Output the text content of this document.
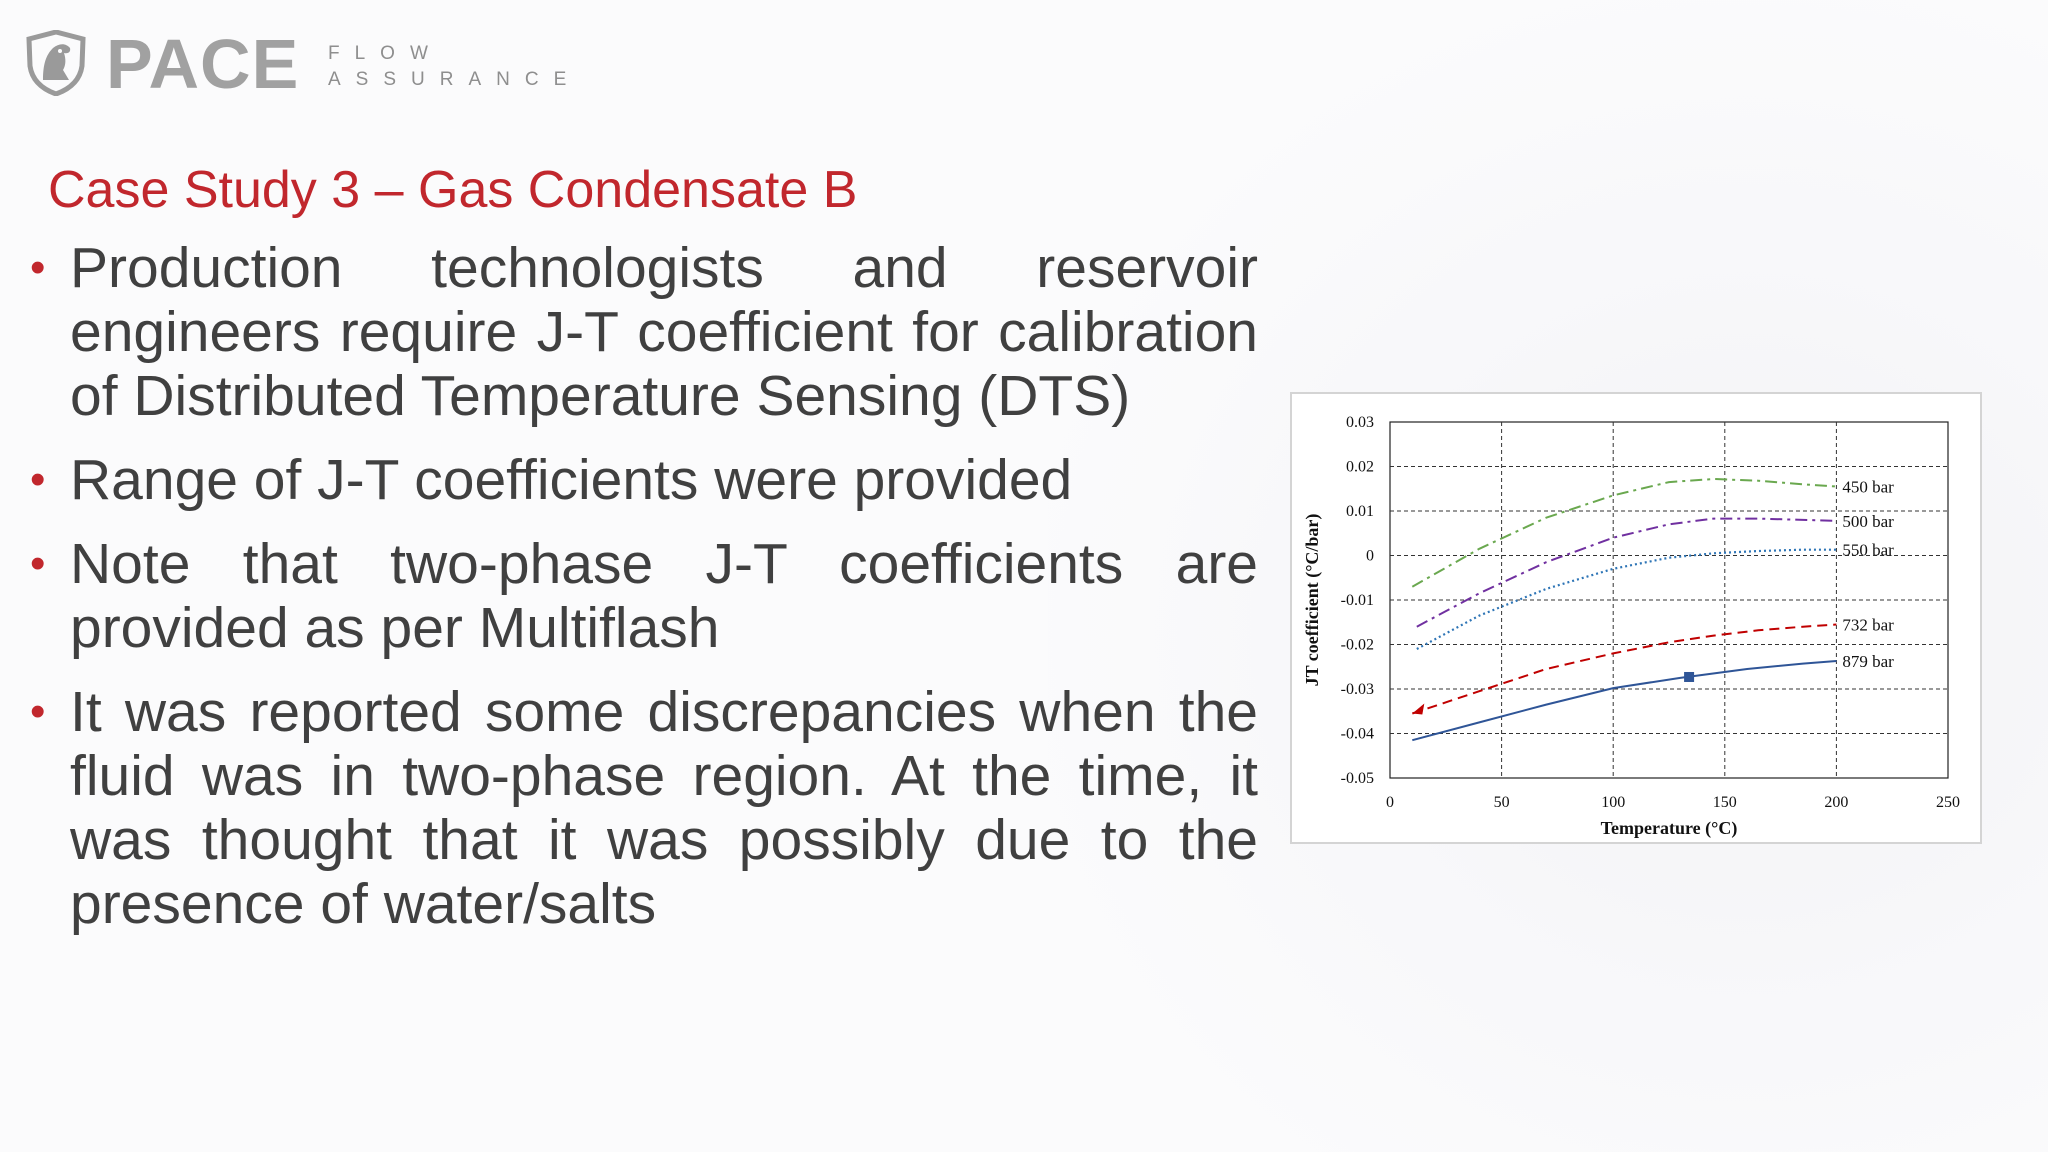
PACE FLOW
ASSURANCE
Case Study 3 – Gas Condensate B
• Production technologists and reservoir engineers require J-T coefficient for calibration of Distributed Temperature Sensing (DTS)
• Range of J-T coefficients were provided
• Note that two-phase J-T coefficients are provided as per Multiflash
• It was reported some discrepancies when the fluid was in two-phase region. At the time, it was thought that it was possibly due to the presence of water/salts
0	50	100	150	200	250
0.03
0.02
0.01
0
-0.01
-0.02
-0.03
-0.04
-0.05
Temperature (°C)
JT coefficient (°C/bar)
450 bar
500 bar
550 bar
732 bar
879 bar
